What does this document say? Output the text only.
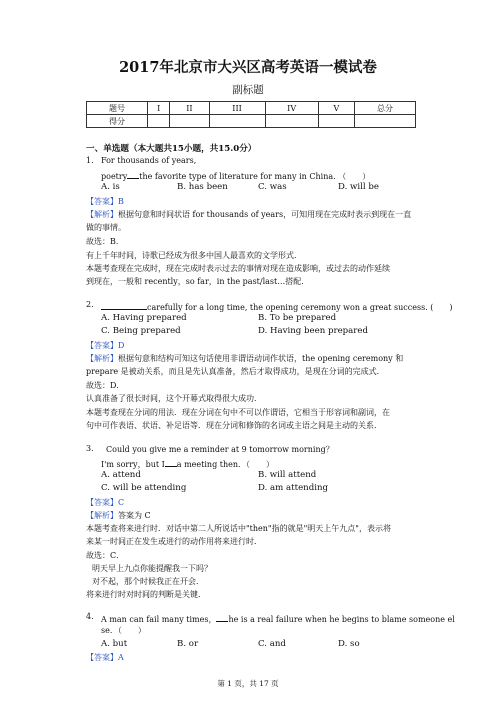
2017年北京市大兴区高考英语一模试卷
副标题
题号	I	II	III	IV	V	总分
得分						
一、单选题（本大题共15小题，共15.0分）
1. For thousands of years,
poetry the favorite type of literature for many in China. （　　）
A. is	B. has been	C. was	D. will be
【答案】B
【解析】根据句意和时间状语 for thousands of years，可知用现在完成时表示到现在一直
做的事情。
故选：B．
有上千年时间，诗歌已经成为很多中国人最喜欢的文学形式．
本题考查现在完成时，现在完成时表示过去的事情对现在造成影响，或过去的动作延续
到现在，一般和 recently，so far，in the past/last…搭配．
2.	carefully for a long time, the opening ceremony won a great success. (　　)
A. Having prepared	B. To be prepared
C. Being prepared	D. Having been prepared
【答案】D
【解析】根据句意和结构可知这句话使用非谓语动词作状语，the opening ceremony 和
prepare 是被动关系，而且是先认真准备，然后才取得成功，是现在分词的完成式．
故选：D．
认真准备了很长时间，这个开幕式取得很大成功．
本题考查现在分词的用法．现在分词在句中不可以作谓语，它相当于形容词和副词，在
句中可作表语、状语、补足语等．现在分词和修饰的名词或主语之间是主动的关系．
3. Could you give me a reminder at 9 tomorrow morning？
I'm sorry，but I a meeting then．（　　）
A. attend	B. will attend
C. will be attending	D. am attending
【答案】C
【解析】答案为 C
本题考查将来进行时．对话中第二人所说话中"then"指的就是"明天上午九点"，表示将
来某一时间正在发生或进行的动作用将来进行时．
故选：C．
明天早上九点你能提醒我一下吗？
对不起，那个时候我正在开会．
将来进行时对时间的判断是关键．
4. A man can fail many times， he is a real failure when he begins to blame someone el
se．（　　）
A. but	B. or	C. and	D. so
【答案】A
第 1 页，共 17 页
